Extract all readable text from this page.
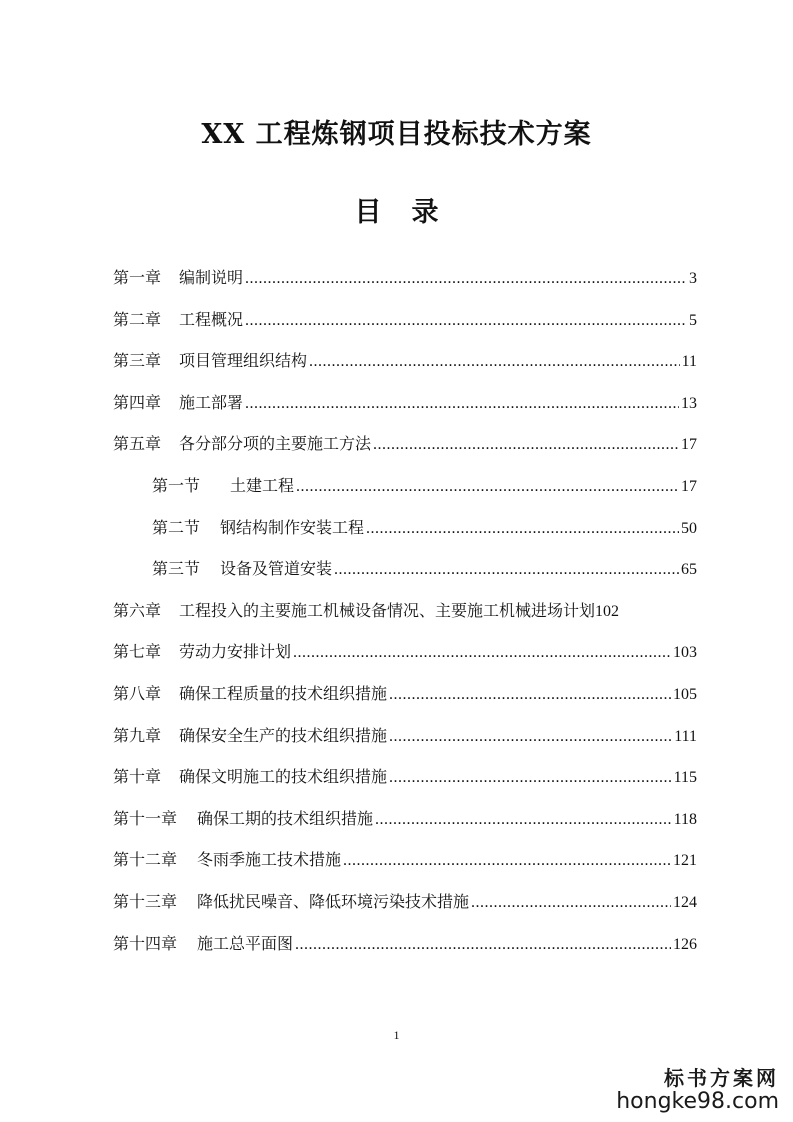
XX 工程炼钢项目投标技术方案
目 录
第一章 编制说明 .....	3
第二章 工程概况 .....	5
第三章 项目管理组织结构 .....	11
第四章 施工部署 .....	13
第五章 各分部分项的主要施工方法 .....	17
第一节 土建工程 .....	17
第二节 钢结构制作安装工程 .....	50
第三节 设备及管道安装 .....	65
第六章 工程投入的主要施工机械设备情况、主要施工机械进场计划 102
第七章 劳动力安排计划 .....	103
第八章 确保工程质量的技术组织措施 .....	105
第九章 确保安全生产的技术组织措施 .....	111
第十章 确保文明施工的技术组织措施 .....	115
第十一章 确保工期的技术组织措施 .....	118
第十二章 冬雨季施工技术措施 .....	121
第十三章 降低扰民噪音、降低环境污染技术措施 .....	124
第十四章 施工总平面图 .....	126
1
标书方案网
hongke98.com
